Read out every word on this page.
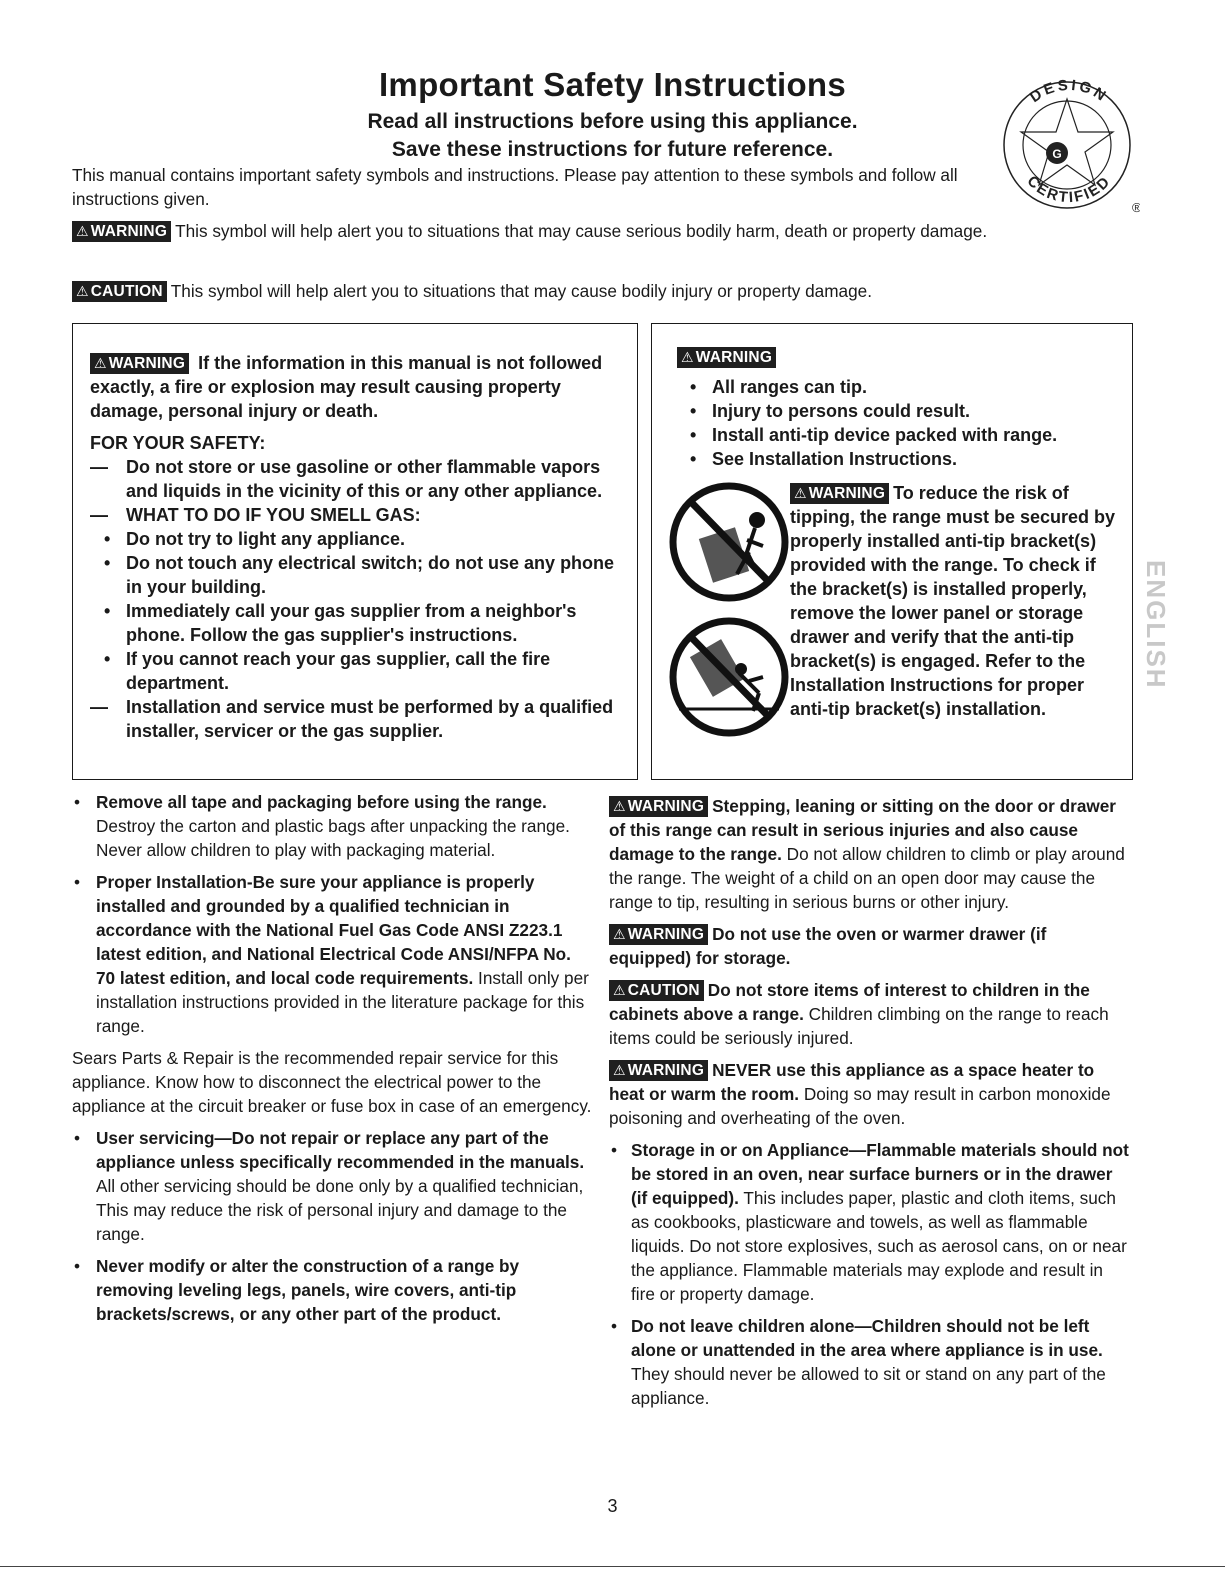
Important Safety Instructions
Read all instructions before using this appliance.
Save these instructions for future reference.	G
DESIGN
CERTIFIED
®
This manual contains important safety symbols and instructions. Please pay attention to these symbols and follow all instructions given.
⚠ WARNING This symbol will help alert you to situations that may cause serious bodily harm, death or property damage.
⚠ CAUTION This symbol will help alert you to situations that may cause bodily injury or property damage.
⚠ WARNING If the information in this manual is not followed exactly, a fire or explosion may result causing property damage, personal injury or death.
FOR YOUR SAFETY:
— Do not store or use gasoline or other flammable vapors and liquids in the vicinity of this or any other appliance.
— WHAT TO DO IF YOU SMELL GAS:
• Do not try to light any appliance.
• Do not touch any electrical switch; do not use any phone in your building.
• Immediately call your gas supplier from a neighbor's phone. Follow the gas supplier's instructions.
• If you cannot reach your gas supplier, call the fire department.
— Installation and service must be performed by a qualified installer, servicer or the gas supplier.
⚠ WARNING
• All ranges can tip.
• Injury to persons could result.
• Install anti-tip device packed with range.
• See Installation Instructions.
⚠ WARNING To reduce the risk of tipping, the range must be secured by properly installed anti-tip bracket(s) provided with the range. To check if the bracket(s) is installed properly, remove the lower panel or storage drawer and verify that the anti-tip bracket(s) is engaged. Refer to the Installation Instructions for proper anti-tip bracket(s) installation.
ENGLISH
• Remove all tape and packaging before using the range. Destroy the carton and plastic bags after unpacking the range. Never allow children to play with packaging material.
• Proper Installation-Be sure your appliance is properly installed and grounded by a qualified technician in accordance with the National Fuel Gas Code ANSI Z223.1 latest edition, and National Electrical Code ANSI/NFPA No. 70 latest edition, and local code requirements. Install only per installation instructions provided in the literature package for this range.

Sears Parts & Repair is the recommended repair service for this appliance. Know how to disconnect the electrical power to the appliance at the circuit breaker or fuse box in case of an emergency.

• User servicing—Do not repair or replace any part of the appliance unless specifically recommended in the manuals. All other servicing should be done only by a qualified technician, This may reduce the risk of personal injury and damage to the range.
• Never modify or alter the construction of a range by removing leveling legs, panels, wire covers, anti-tip brackets/screws, or any other part of the product.

⚠ WARNING Stepping, leaning or sitting on the door or drawer of this range can result in serious injuries and also cause damage to the range. Do not allow children to climb or play around the range. The weight of a child on an open door may cause the range to tip, resulting in serious burns or other injury.

⚠ WARNING Do not use the oven or warmer drawer (if equipped) for storage.

⚠ CAUTION Do not store items of interest to children in the cabinets above a range. Children climbing on the range to reach items could be seriously injured.

⚠ WARNING NEVER use this appliance as a space heater to heat or warm the room. Doing so may result in carbon monoxide poisoning and overheating of the oven.

• Storage in or on Appliance—Flammable materials should not be stored in an oven, near surface burners or in the drawer (if equipped). This includes paper, plastic and cloth items, such as cookbooks, plasticware and towels, as well as flammable liquids. Do not store explosives, such as aerosol cans, on or near the appliance. Flammable materials may explode and result in fire or property damage.
• Do not leave children alone—Children should not be left alone or unattended in the area where appliance is in use. They should never be allowed to sit or stand on any part of the appliance.
3
